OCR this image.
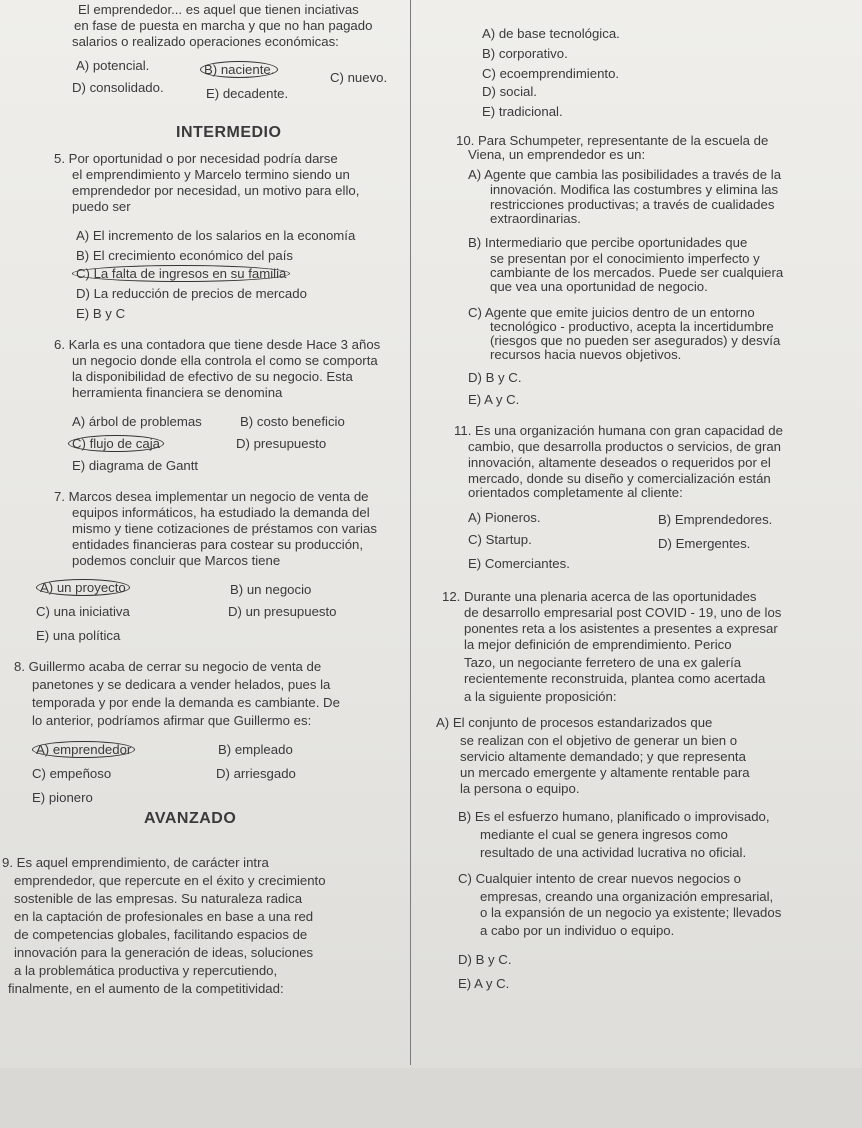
El emprendedor... es aquel que tienen inciativas
en fase de puesta en marcha y que no han pagado
salarios o realizado operaciones económicas:
A) potencial.	B) naciente.
C) nuevo.
D) consolidado.	E) decadente.
INTERMEDIO
5. Por oportunidad o por necesidad podría darse
el emprendimiento y Marcelo termino siendo un
emprendedor por necesidad, un motivo para ello,
puedo ser
A) El incremento de los salarios en la economía
B) El crecimiento económico del país
C) La falta de ingresos en su familia
D) La reducción de precios de mercado
E) B y C
6. Karla es una contadora que tiene desde Hace 3 años
un negocio donde ella controla el como se comporta
la disponibilidad de efectivo de su negocio. Esta
herramienta financiera se denomina
A) árbol de problemas	B) costo beneficio
C) flujo de caja	D) presupuesto
E) diagrama de Gantt
7. Marcos desea implementar un negocio de venta de
equipos informáticos, ha estudiado la demanda del
mismo y tiene cotizaciones de préstamos con varias
entidades financieras para costear su producción,
podemos concluir que Marcos tiene
A) un proyecto	B) un negocio
C) una iniciativa	D) un presupuesto
E) una política
8. Guillermo acaba de cerrar su negocio de venta de
panetones y se dedicara a vender helados, pues la
temporada y por ende la demanda es cambiante. De
lo anterior, podríamos afirmar que Guillermo es:
A) emprendedor	B) empleado
C) empeñoso	D) arriesgado
E) pionero
AVANZADO
9. Es aquel emprendimiento, de carácter intra
emprendedor, que repercute en el éxito y crecimiento
sostenible de las empresas. Su naturaleza radica
en la captación de profesionales en base a una red
de competencias globales, facilitando espacios de
innovación para la generación de ideas, soluciones
a la problemática productiva y repercutiendo,
finalmente, en el aumento de la competitividad:
A) de base tecnológica.
B) corporativo.
C) ecoemprendimiento.
D) social.
E) tradicional.
10. Para Schumpeter, representante de la escuela de
Viena, un emprendedor es un:
A) Agente que cambia las posibilidades a través de la
innovación. Modifica las costumbres y elimina las
restricciones productivas; a través de cualidades
extraordinarias.
B) Intermediario que percibe oportunidades que
se presentan por el conocimiento imperfecto y
cambiante de los mercados. Puede ser cualquiera
que vea una oportunidad de negocio.
C) Agente que emite juicios dentro de un entorno
tecnológico - productivo, acepta la incertidumbre
(riesgos que no pueden ser asegurados) y desvía
recursos hacia nuevos objetivos.
D) B y C.
E) A y C.
11. Es una organización humana con gran capacidad de
cambio, que desarrolla productos o servicios, de gran
innovación, altamente deseados o requeridos por el
mercado, donde su diseño y comercialización están
orientados completamente al cliente:
A) Pioneros.	B) Emprendedores.
C) Startup.	D) Emergentes.
E) Comerciantes.
12. Durante una plenaria acerca de las oportunidades
de desarrollo empresarial post COVID - 19, uno de los
ponentes reta a los asistentes a presentes a expresar
la mejor definición de emprendimiento. Perico
Tazo, un negociante ferretero de una ex galería
recientemente reconstruida, plantea como acertada
a la siguiente proposición:
A) El conjunto de procesos estandarizados que
se realizan con el objetivo de generar un bien o
servicio altamente demandado; y que representa
un mercado emergente y altamente rentable para
la persona o equipo.
B) Es el esfuerzo humano, planificado o improvisado,
mediante el cual se genera ingresos como
resultado de una actividad lucrativa no oficial.
C) Cualquier intento de crear nuevos negocios o
empresas, creando una organización empresarial,
o la expansión de un negocio ya existente; llevados
a cabo por un individuo o equipo.
D) B y C.
E) A y C.
